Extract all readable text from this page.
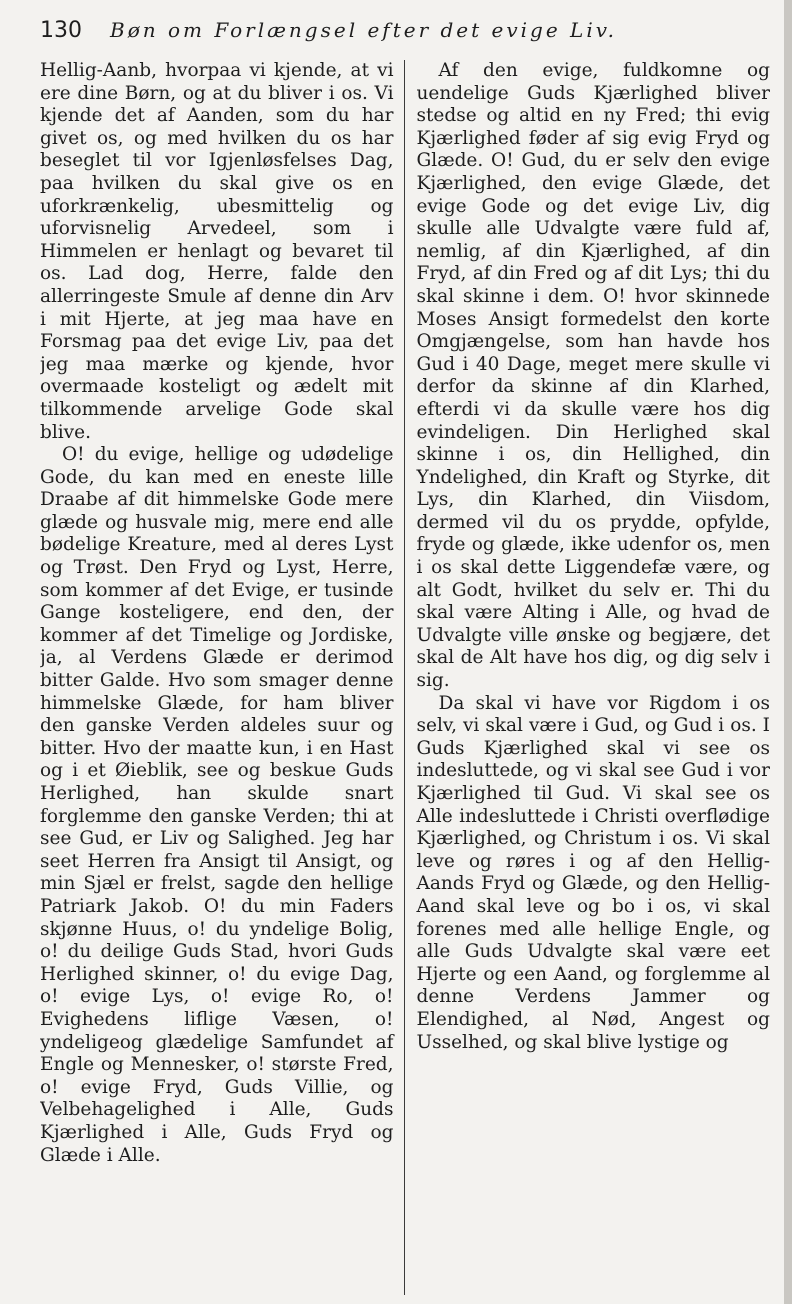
130 Bøn om Forlængsel efter det evige Liv.

Hellig-Aanb, hvorpaa vi kjende, at vi ere dine Børn, og at du bliver i os. Vi kjende det af Aanden, som du har givet os, og med hvilken du os har beseglet til vor Igjenløsfelses Dag, paa hvilken du skal give os en uforkrænkelig, ubesmittelig og uforvisnelig Arvedeel, som i Himmelen er henlagt og bevaret til os. Lad dog, Herre, falde den allerringeste Smule af denne din Arv i mit Hjerte, at jeg maa have en Forsmag paa det evige Liv, paa det jeg maa mærke og kjende, hvor overmaade kosteligt og ædelt mit tilkommende arvelige Gode skal blive.

O! du evige, hellige og udødelige Gode, du kan med en eneste lille Draabe af dit himmelske Gode mere glæde og husvale mig, mere end alle bødelige Kreature, med al deres Lyst og Trøst. Den Fryd og Lyst, Herre, som kommer af det Evige, er tusinde Gange kosteligere, end den, der kommer af det Timelige og Jordiske, ja, al Verdens Glæde er derimod bitter Galde. Hvo som smager denne himmelske Glæde, for ham bliver den ganske Verden aldeles suur og bitter. Hvo der maatte kun, i en Hast og i et Øieblik, see og beskue Guds Herlighed, han skulde snart forglemme den ganske Verden; thi at see Gud, er Liv og Salighed. Jeg har seet Herren fra Ansigt til Ansigt, og min Sjæl er frelst, sagde den hellige Patriark Jakob. O! du min Faders skjønne Huus, o! du yndelige Bolig, o! du deilige Guds Stad, hvori Guds Herlighed skinner, o! du evige Dag, o! evige Lys, o! evige Ro, o! Evighedens liflige Væsen, o! yndeligeog glædelige Samfundet af Engle og Mennesker, o! største Fred, o! evige Fryd, Guds Villie, og Velbehagelighed i Alle, Guds Kjærlighed i Alle, Guds Fryd og Glæde i Alle.

Af den evige, fuldkomne og uendelige Guds Kjærlighed bliver stedse og altid en ny Fred; thi evig Kjærlighed føder af sig evig Fryd og Glæde. O! Gud, du er selv den evige Kjærlighed, den evige Glæde, det evige Gode og det evige Liv, dig skulle alle Udvalgte være fuld af, nemlig, af din Kjærlighed, af din Fryd, af din Fred og af dit Lys; thi du skal skinne i dem. O! hvor skinnede Moses Ansigt formedelst den korte Omgjængelse, som han havde hos Gud i 40 Dage, meget mere skulle vi derfor da skinne af din Klarhed, efterdi vi da skulle være hos dig evindeligen. Din Herlighed skal skinne i os, din Hellighed, din Yndelighed, din Kraft og Styrke, dit Lys, din Klarhed, din Viisdom, dermed vil du os prydde, opfylde, fryde og glæde, ikke udenfor os, men i os skal dette Liggendefæ være, og alt Godt, hvilket du selv er. Thi du skal være Alting i Alle, og hvad de Udvalgte ville ønske og begjære, det skal de Alt have hos dig, og dig selv i sig.

Da skal vi have vor Rigdom i os selv, vi skal være i Gud, og Gud i os. I Guds Kjærlighed skal vi see os indesluttede, og vi skal see Gud i vor Kjærlighed til Gud. Vi skal see os Alle indesluttede i Christi overflødige Kjærlighed, og Christum i os. Vi skal leve og røres i og af den Hellig-Aands Fryd og Glæde, og den Hellig-Aand skal leve og bo i os, vi skal forenes med alle hellige Engle, og alle Guds Udvalgte skal være eet Hjerte og een Aand, og forglemme al denne Verdens Jammer og Elendighed, al Nød, Angest og Usselhed, og skal blive lystige og
